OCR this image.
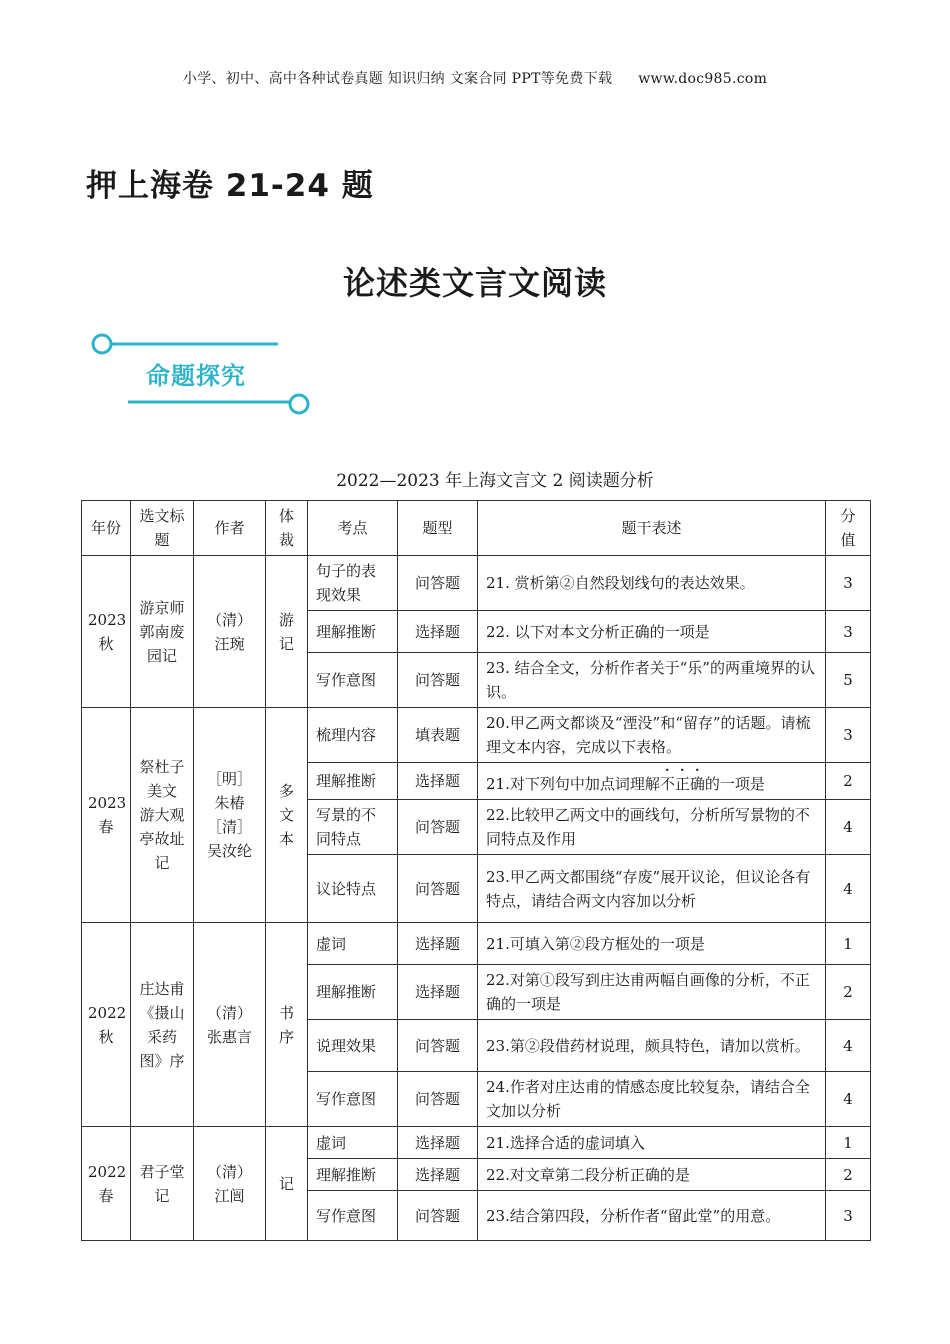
小学、初中、高中各种试卷真题 知识归纳 文案合同 PPT等免费下载 www.doc985.com
押上海卷 21-24 题
论述类文言文阅读
命题探究
2022—2023 年上海文言文 2 阅读题分析
年份	选文标题	作者	体裁	考点	题型	题干表述	分值
2023 秋	游京师郭南废园记	（清）汪琬	游记	句子的表现效果	问答题	21. 赏析第②自然段划线句的表达效果。	3
				理解推断	选择题	22. 以下对本文分析正确的一项是	3
				写作意图	问答题	23. 结合全文，分析作者关于“乐”的两重境界的认识。	5
2023 春	祭杜子美文 游大观亭故址记	［明］朱椿 ［清］吴汝纶	多文本	梳理内容	填表题	20.甲乙两文都谈及“湮没”和“留存”的话题。请梳理文本内容，完成以下表格。	3
				理解推断	选择题	21.对下列句中加点词理解不正确的一项是	2
				写景的不同特点	问答题	22.比较甲乙两文中的画线句，分析所写景物的不同特点及作用	4
				议论特点	问答题	23.甲乙两文都围绕“存废”展开议论，但议论各有特点，请结合两文内容加以分析	4
2022 秋	庄达甫《摄山采药图》序	（清）张惠言	书序	虚词	选择题	21.可填入第②段方框处的一项是	1
				理解推断	选择题	22.对第①段写到庄达甫两幅自画像的分析，不正确的一项是	2
				说理效果	问答题	23.第②段借药材说理，颇具特色，请加以赏析。	4
				写作意图	问答题	24.作者对庄达甫的情感态度比较复杂，请结合全文加以分析	4
2022 春	君子堂记	（清）江闿	记	虚词	选择题	21.选择合适的虚词填入	1
				理解推断	选择题	22.对文章第二段分析正确的是	2
				写作意图	问答题	23.结合第四段，分析作者“留此堂”的用意。	3
